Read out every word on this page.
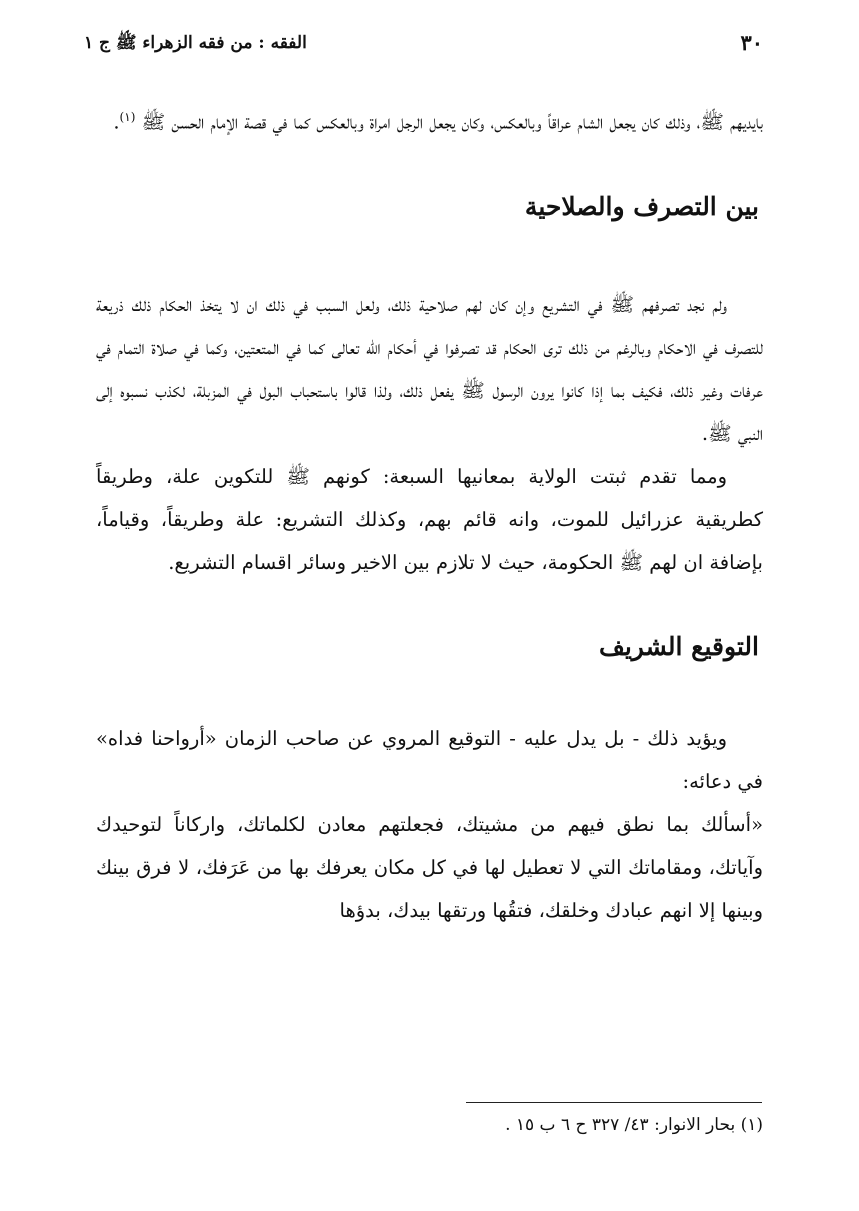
٣٠
الفقه : من فقه الزهراء ﷺ ج ١

بايديهم ﷺ، وذلك كان يجعل الشام عراقاً وبالعكس، وكان يجعل الرجل امراة وبالعكس كما في قصة الإمام الحسن ﷺ $^{(١)}$.

بين التصرف والصلاحية

ولم نجد تصرفهم ﷺ في التشريع وإن كان لهم صلاحية ذلك، ولعل السبب في ذلك ان لا يتخذ الحكام ذلك ذريعة للتصرف في الاحكام وبالرغم من ذلك ترى الحكام قد تصرفوا في أحكام اللّه تعالى كما في المتعتين، وكما في صلاة التمام في عرفات وغير ذلك، فكيف بما إذا كانوا يرون الرسول ﷺ يفعل ذلك، ولذا قالوا باستحباب البول في المزبلة، لكذب نسبوه إلى النبي ﷺ.

ومما تقدم ثبتت الولاية بمعانيها السبعة: كونهم ﷺ للتكوين علة، وطريقاً كطريقية عزرائيل للموت، وانه قائم بهم، وكذلك التشريع: علة وطريقاً، وقياماً، بإضافة ان لهم ﷺ الحكومة، حيث لا تلازم بين الاخير وسائر اقسام التشريع.

التوقيع الشريف

ويؤيد ذلك - بل يدل عليه - التوقيع المروي عن صاحب الزمان «أرواحنا فداه» في دعائه:

«أسألك بما نطق فيهم من مشيتك، فجعلتهم معادن لكلماتك، واركاناً لتوحيدك وآياتك، ومقاماتك التي لا تعطيل لها في كل مكان يعرفك بها من عَرَفك، لا فرق بينك وبينها إلا انهم عبادك وخلقك، فتقُها ورتقها بيدك، بدؤها

(١) بحار الانوار: ٤٣/ ٣٢٧ ح ٦ ب ١٥ .
